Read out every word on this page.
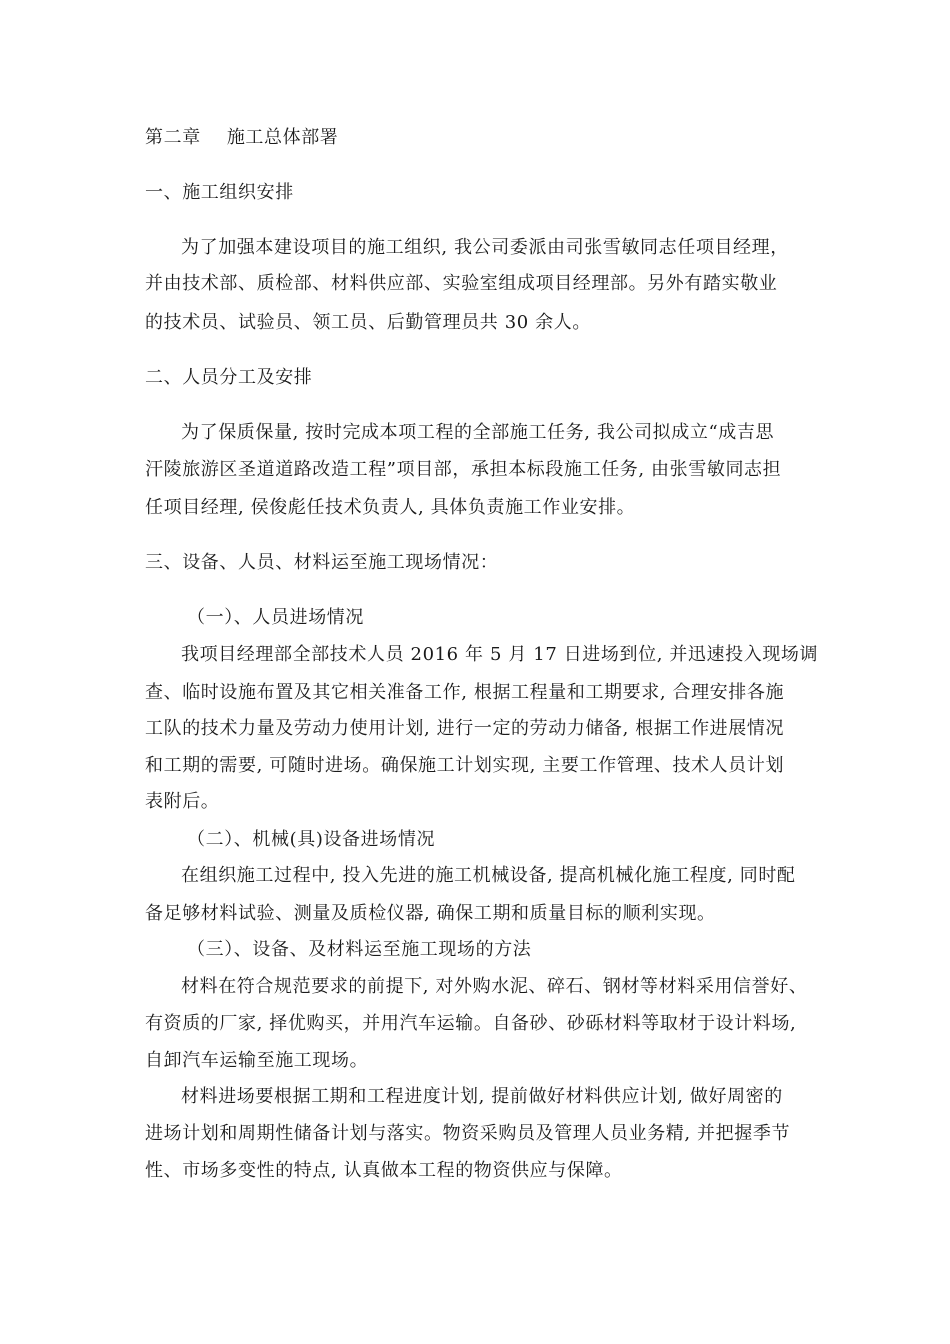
第二章 施工总体部署
一、施工组织安排
为了加强本建设项目的施工组织, 我公司委派由司张雪敏同志任项目经理，
并由技术部、质检部、材料供应部、实验室组成项目经理部。另外有踏实敬业
的技术员、试验员、领工员、后勤管理员共 30 余人。
二、人员分工及安排
为了保质保量, 按时完成本项工程的全部施工任务, 我公司拟成立“成吉思
汗陵旅游区圣道道路改造工程”项目部，承担本标段施工任务, 由张雪敏同志担
任项目经理, 侯俊彪任技术负责人, 具体负责施工作业安排。
三、设备、人员、材料运至施工现场情况：
（一）、人员进场情况
我项目经理部全部技术人员 2016 年 5 月 17 日进场到位, 并迅速投入现场调
查、临时设施布置及其它相关准备工作, 根据工程量和工期要求, 合理安排各施
工队的技术力量及劳动力使用计划, 进行一定的劳动力储备, 根据工作进展情况
和工期的需要, 可随时进场。确保施工计划实现, 主要工作管理、技术人员计划
表附后。
（二）、机械(具)设备进场情况
在组织施工过程中, 投入先进的施工机械设备, 提高机械化施工程度, 同时配
备足够材料试验、测量及质检仪器, 确保工期和质量目标的顺利实现。
（三）、设备、及材料运至施工现场的方法
材料在符合规范要求的前提下, 对外购水泥、碎石、钢材等材料采用信誉好、
有资质的厂家, 择优购买，并用汽车运输。自备砂、砂砾材料等取材于设计料场,
自卸汽车运输至施工现场。
材料进场要根据工期和工程进度计划, 提前做好材料供应计划, 做好周密的
进场计划和周期性储备计划与落实。物资采购员及管理人员业务精, 并把握季节
性、市场多变性的特点, 认真做本工程的物资供应与保障。
